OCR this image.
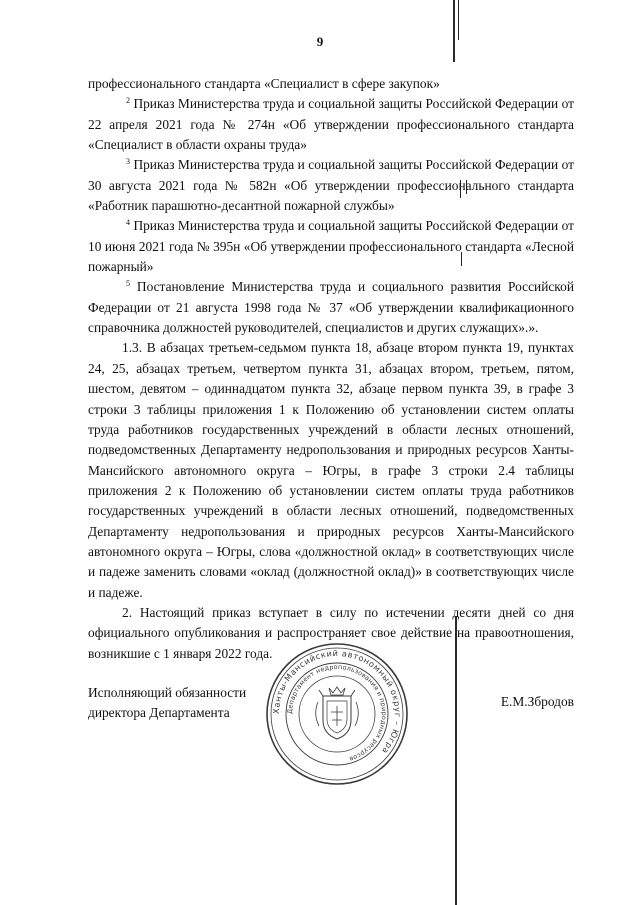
9

профессионального стандарта «Специалист в сфере закупок»

$^2$ Приказ Министерства труда и социальной защиты Российской Федерации от 22 апреля 2021 года № 274н «Об утверждении профессионального стандарта «Специалист в области охраны труда»

$^3$ Приказ Министерства труда и социальной защиты Российской Федерации от 30 августа 2021 года № 582н «Об утверждении профессионального стандарта «Работник парашютно-десантной пожарной службы»

$^4$ Приказ Министерства труда и социальной защиты Российской Федерации от 10 июня 2021 года № 395н «Об утверждении профессионального стандарта «Лесной пожарный»

$^5$ Постановление Министерства труда и социального развития Российской Федерации от 21 августа 1998 года № 37 «Об утверждении квалификационного справочника должностей руководителей, специалистов и других служащих».».

1.3. В абзацах третьем-седьмом пункта 18, абзаце втором пункта 19, пунктах 24, 25, абзацах третьем, четвертом пункта 31, абзацах втором, третьем, пятом, шестом, девятом – одиннадцатом пункта 32, абзаце первом пункта 39, в графе 3 строки 3 таблицы приложения 1 к Положению об установлении систем оплаты труда работников государственных учреждений в области лесных отношений, подведомственных Департаменту недропользования и природных ресурсов Ханты-Мансийского автономного округа – Югры, в графе 3 строки 2.4 таблицы приложения 2 к Положению об установлении систем оплаты труда работников государственных учреждений в области лесных отношений, подведомственных Департаменту недропользования и природных ресурсов Ханты-Мансийского автономного округа – Югры, слова «должностной оклад» в соответствующих числе и падеже заменить словами «оклад (должностной оклад)» в соответствующих числе и падеже.

2. Настоящий приказ вступает в силу по истечении десяти дней со дня официального опубликования и распространяет свое действие на правоотношения, возникшие с 1 января 2022 года.

Исполняющий обязанности
директора Департамента
Е.М.Збродов
Ханты-Мансийский автономный округ – Югра
Департамент недропользования и природных ресурсов
